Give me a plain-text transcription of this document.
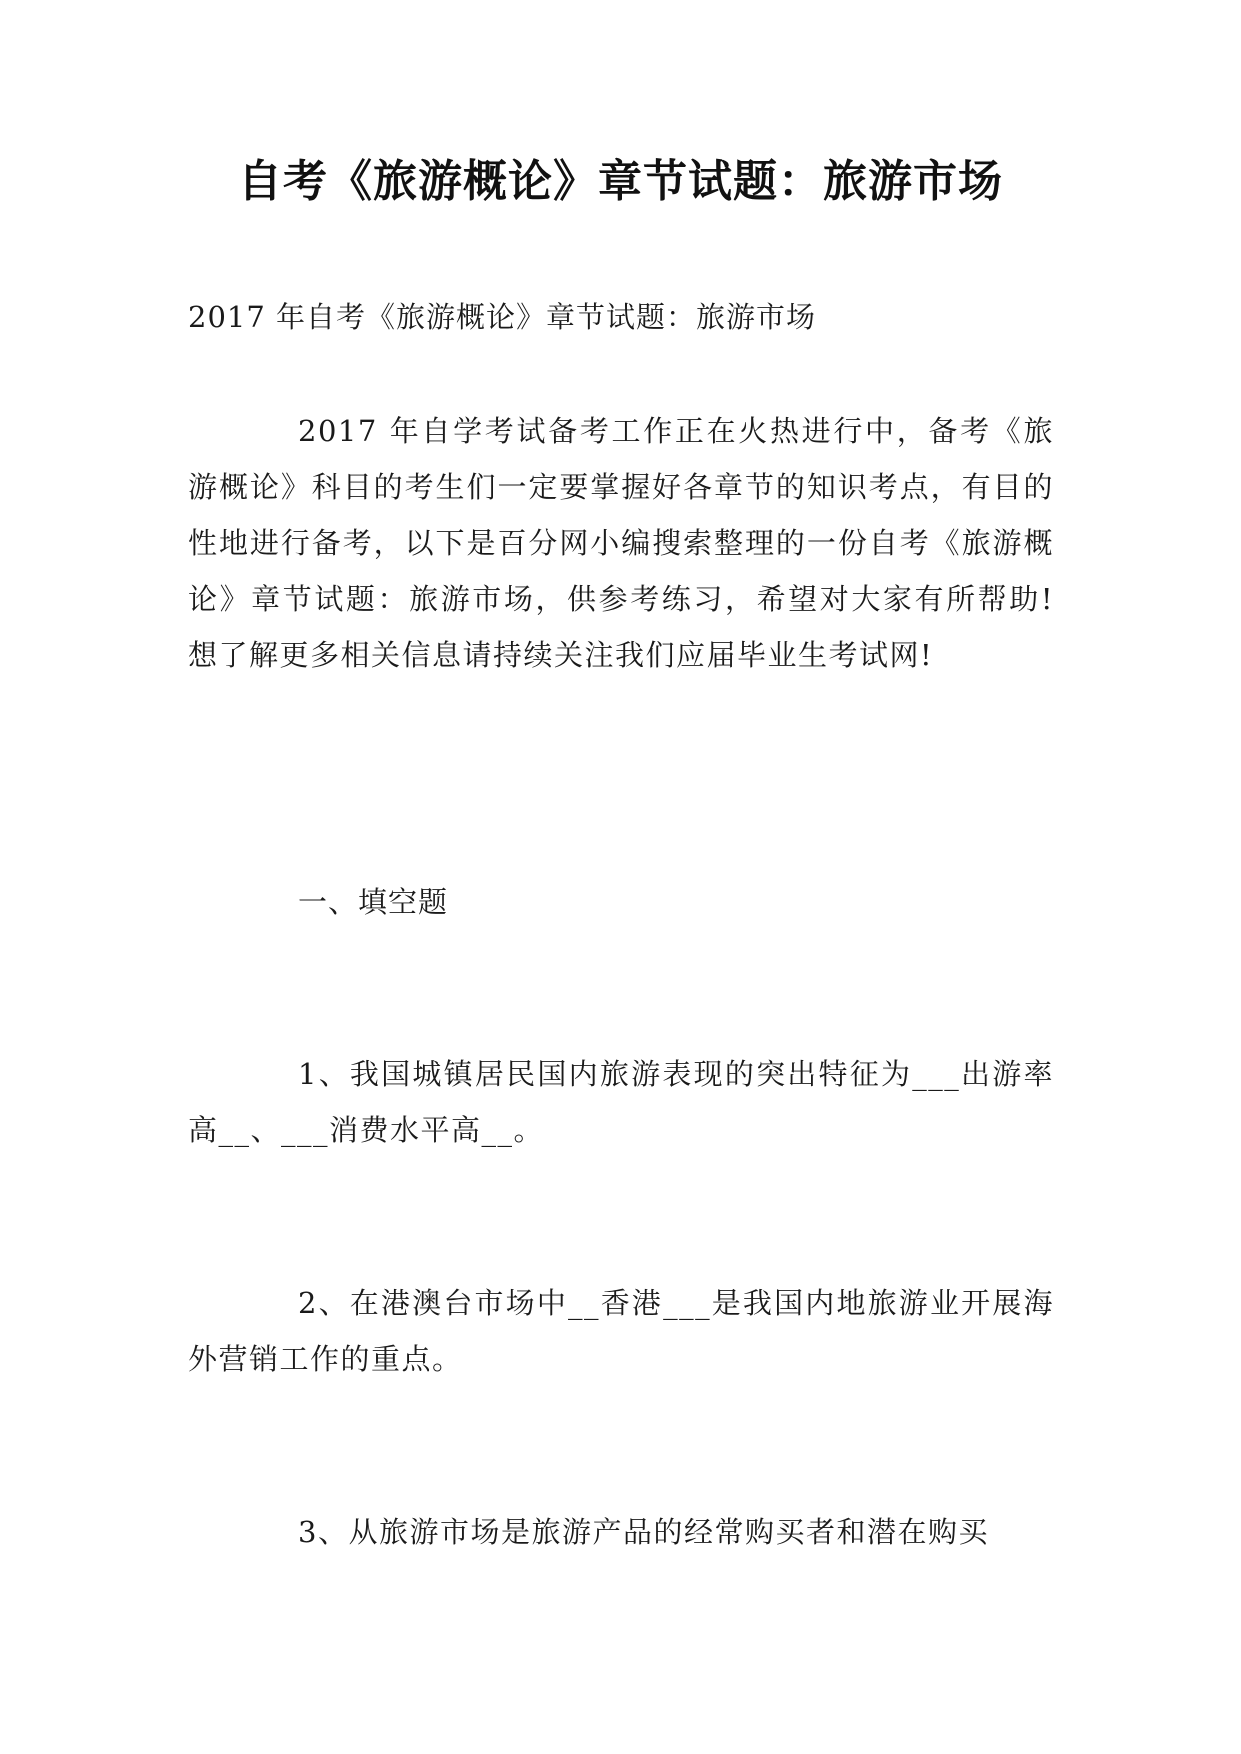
自考《旅游概论》章节试题：旅游市场
2017 年自考《旅游概论》章节试题：旅游市场
2017 年自学考试备考工作正在火热进行中，备考《旅游概论》科目的考生们一定要掌握好各章节的知识考点，有目的性地进行备考，以下是百分网小编搜索整理的一份自考《旅游概论》章节试题：旅游市场，供参考练习，希望对大家有所帮助!想了解更多相关信息请持续关注我们应届毕业生考试网!
一、填空题
1、我国城镇居民国内旅游表现的突出特征为___出游率高__、___消费水平高__。
2、在港澳台市场中__香港___是我国内地旅游业开展海外营销工作的重点。
3、从旅游市场是旅游产品的经常购买者和潜在购买
